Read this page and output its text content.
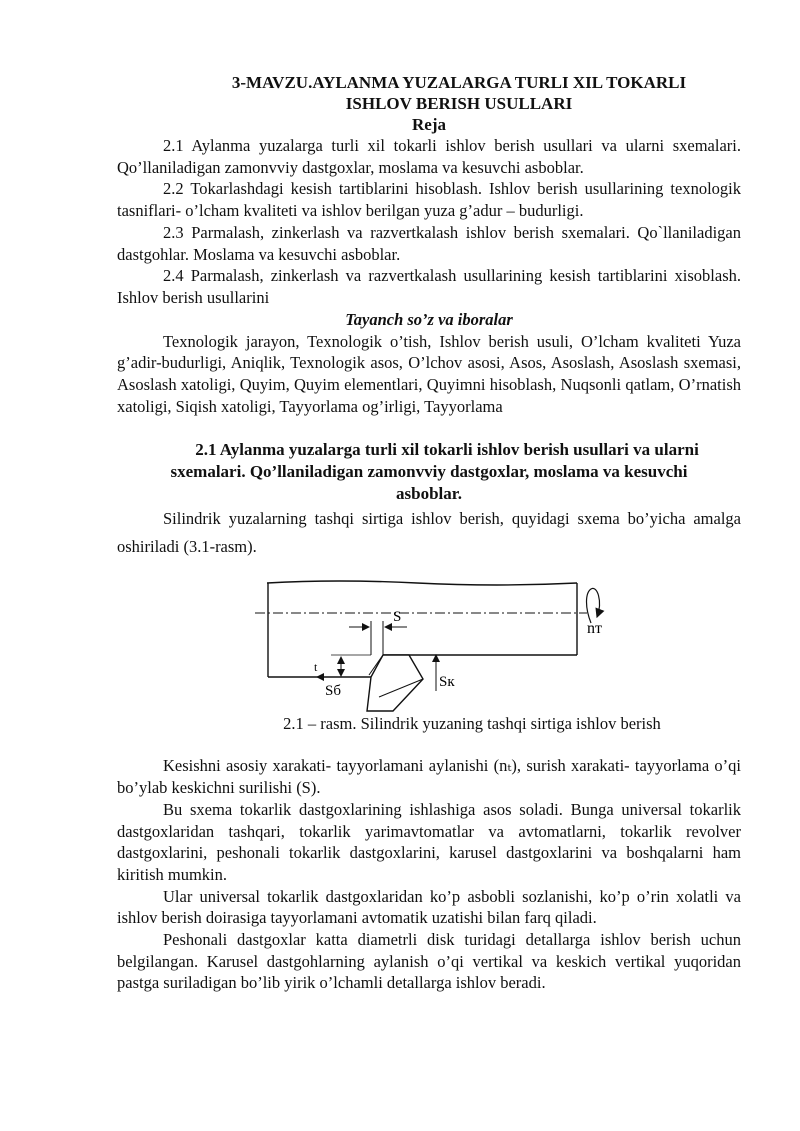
3-MAVZU.AYLANMA YUZALARGA TURLI XIL TOKARLI
ISHLOV BERISH USULLARI
Reja

2.1 Aylanma yuzalarga turli xil tokarli ishlov berish usullari va ularni sxemalari. Qo’llaniladigan zamonvviy dastgoxlar, moslama va kesuvchi asboblar.

2.2 Tokarlashdagi kesish tartiblarini hisoblash. Ishlov berish usullarining texnologik tasniflari- o’lcham kvaliteti va ishlov berilgan yuza g’adur – budurligi.

2.3 Parmalash, zinkerlash va razvertkalash ishlov berish sxemalari. Qo`llaniladigan dastgohlar. Moslama va kesuvchi asboblar.

2.4 Parmalash, zinkerlash va razvertkalash usullarining kesish tartiblarini xisoblash. Ishlov berish usullarini

Tayanch so’z va iboralar

Texnologik jarayon, Texnologik o’tish, Ishlov berish usuli, O’lcham kvaliteti Yuza g’adir-budurligi, Aniqlik, Texnologik asos, O’lchov asosi, Asos, Asoslash, Asoslash sxemasi, Asoslash xatoligi, Quyim, Quyim elementlari, Quyimni hisoblash, Nuqsonli qatlam, O’rnatish xatoligi, Siqish xatoligi, Tayyorlama og’irligi, Tayyorlama

2.1 Aylanma yuzalarga turli xil tokarli ishlov berish usullari va ularni
sxemalari. Qo’llaniladigan zamonvviy dastgoxlar, moslama va kesuvchi
asboblar.

Silindrik yuzalarning tashqi sirtiga ishlov berish, quyidagi sxema bo’yicha amalga oshiriladi (3.1-rasm).

nт
S
t
Sб
Sк

2.1 – rasm. Silindrik yuzaning tashqi sirtiga ishlov berish

Kesishni asosiy xarakati- tayyorlamani aylanishi (nₜ), surish xarakati- tayyorlama o’qi bo’ylab keskichni surilishi (S).

Bu sxema tokarlik dastgoxlarining ishlashiga asos soladi. Bunga universal tokarlik dastgoxlaridan tashqari, tokarlik yarimavtomatlar va avtomatlarni, tokarlik revolver dastgoxlarini, peshonali tokarlik dastgoxlarini, karusel dastgoxlarini va boshqalarni ham kiritish mumkin.

Ular universal tokarlik dastgoxlaridan ko’p asbobli sozlanishi, ko’p o’rin xolatli va ishlov berish doirasiga tayyorlamani avtomatik uzatishi bilan farq qiladi.

Peshonali dastgoxlar katta diametrli disk turidagi detallarga ishlov berish uchun belgilangan. Karusel dastgohlarning aylanish o’qi vertikal va keskich vertikal yuqoridan pastga suriladigan bo’lib yirik o’lchamli detallarga ishlov beradi.
